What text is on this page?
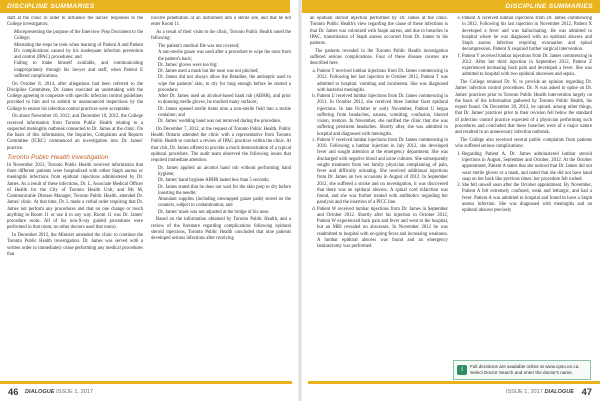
DISCIPLINE SUMMARIES	DISCIPLINE SUMMARIES

staff at the clinic in order to influence the nurses' responses to the College investigators;

• Misrepresenting the purpose of the Interview Prep Document to the College;
• Misstating the steps he took when learning of Patient A and Patient B's complications caused by his inadequate infection prevention and control (IPAC) procedures; and
• Failing to make himself available, and communicating inappropriately through his lawyer and staff, when Patient E suffered complications.

On October 8, 2014, after allegations had been referred to the Discipline Committee, Dr. James executed an undertaking with the College agreeing to cooperate with specific infection control guidelines provided to him and to submit to unannounced inspections by the College to ensure his infection control practices were acceptable.

On about November 10, 2012, and December 10, 2012, the College received information from Toronto Public Health relating to a suspected meningitis outbreak connected to Dr. James at the clinic. On the basis of this information, the Inquiries, Complaints and Reports Committee (ICRC) commenced an investigation into Dr. James' practice.

Toronto Public Health investigation

In November 2012, Toronto Public Health received information that three different patients were hospitalized with either Staph aureus or meningitis infections from epidural injections administered by Dr. James. As a result of these infections, Dr. L, Associate Medical Officer of Health for the City of Toronto Health Unit, and Ms M, Communicable Disease Manager, Toronto Public Health, attended Dr. James' clinic. At that time, Dr. L made a verbal order requiring that Dr. James not perform any procedures and that no one change or touch anything in Room 11 or use it in any way. Room 11 was Dr. James' procedure room. All of his non-X-ray guided procedures were performed in that room; no other doctors used that room).

In December 2012, the Minister amended the clinic to continue the Toronto Public Health investigation. Dr. James was served with a written order to immediately cease performing any medical procedures that

involve penetration of an instrument into a sterile site, and that he not enter Room 11.

As a result of their visits to the clinic, Toronto Public Health noted the following:

• The patient's medical file was not covered;
• A non-sterile gauze was used after a procedure to wipe the ooze from the patient's back;
• Dr. James' gloves were too big;
• Dr. James used a mask but the nose was not pinched;
• Dr. James did not always allow the Betadine, the antiseptic used to wipe the patients' skin, to dry for long enough before he started a procedure;
• After Dr. James used an alcohol-based hand rub (ABHR), and prior to donning sterile gloves, he touched many surfaces;
• Dr. James opened sterile items onto a non-sterile field into a sterile container; and
• Dr. James' wedding band was not removed during the procedure.

On December 7, 2012, at the request of Toronto Public Health, Public Health Ontario attended the clinic with a representative from Toronto Public Health to conduct a review of IPAC practices within the clinic. At that visit, Dr. James offered to provide a mock demonstration of a typical epidural procedure. The audit team observed the following issues that required immediate attention:

• Dr. James applied an alcohol hand rub without performing hand hygiene;
• Dr. James' hand hygiene ABHR lasted less than 5 seconds;
• Dr. James stated that he does not wait for the skin prep to dry before inserting the needle;
• Abundant supplies (including unwrapped gauze pads) stored on the counters, subject to contamination; and
• Dr. James' mask was not adjusted at the bridge of his nose.

Based on the information obtained by Toronto Public Health, and a review of the literature regarding complications following epidural steroid injections, Toronto Public Health concluded that nine patients developed serious infections after receiving

an epidural steroid injection performed by Dr. James at the clinic. Toronto Public Health's view regarding the cause of these infections is that Dr. James was colonized with Staph aureus, and due to breaches in IPAC, transmission of Staph aureus occurred from Dr. James to his patients.

The patients revealed in the Toronto Public Health investigation suffered serious complications. Four of these disease courses are described here.

a. Patient T received lumbar injections from Dr. James commencing in 2012. Following her last injection in October 2012, Patient T was admitted to hospital, vomiting and incoherent. She was diagnosed with bacterial meningitis.
b. Patient U received lumbar injections from Dr. James commencing in 2011. In October 2012, she received three lumbar facet epidural injections. In late October or early November, Patient U began suffering from headaches, nausea, vomiting, confusion, blurred vision, tremors. In November, she notified the clinic that she was suffering persistent headaches. Shortly after, she was admitted to hospital and diagnosed with meningitis.
c. Patient V received lumbar injections from Dr. James commencing in 2010. Following a lumbar injection in July 2012, she developed fever and sought attention at the emergency department. She was discharged with negative blood and urine cultures. She subsequently sought treatment from her family physician complaining of pain, fever and difficulty urinating. She received additional injections from Dr. James on two occasions in August of 2012. In September 2012, she suffered a stroke and on investigation, it was discovered that there was an epidural abscess. A spinal cord infarction was found, and she was further treated with antibiotics regarding her paralysis and the insertion of a PICC line.
d. Patient W received lumbar injections from Dr. James in September and October 2012. Shortly after his injection in October 2012, Patient W experienced back pain and fever and went to the hospital, but an MRI revealed no abscesses. In November 2012 he was readmitted to hospital with on-going fever and increasing weakness. A lumbar epidural abscess was found and an emergency laminectomy was performed.
e. Patient X received lumbar injections from Dr. James commencing in 2012. Following his last injection in November 2012, Patient X developed a fever and was hallucinating. He was admitted to hospital where he was diagnosed with an epidural abscess and Staph aureus infection requiring evacuation and spinal decompression. Patient X required further surgical intervention.
f. Patient Y received lumbar injections from Dr. James commencing in 2012. After her third injection in September 2012, Patient Z experienced increasing back pain and developed a fever. She was admitted to hospital with two epidural abscesses and sepsis.

The College retained Dr. N, to provide an opinion regarding Dr. James' infection control procedures. Dr. N was asked to opine on Dr. James' practices prior to Toronto Public Health intervention largely on the basis of the information gathered by Toronto Public Health, his expert found. On December 20, 2013, he opined, among other things, that Dr. James' practices prior to their revision fell below the standard of infection control practice expected of a physician performing such procedures and concluded that these breaches were of a major nature and resulted in an unnecessary infection outbreak.

The College also received several public complaints from patients who suffered serious complications:

1. Regarding Patient A, Dr. James administered lumbar steroid injections in August, September and October, 2012. At the October appointment, Patient A states that she noticed that Dr. James did not wear sterile gloves or a mask, and noted that she did not have hand soap on her back like previous times; her procedure felt rushed.
2. She felt unwell soon after the October appointment. By November, Patient A felt extremely confused, weak and lethargic, and had a fever. Patient A was admitted to hospital and found to have a Staph aureus infection. She was diagnosed with meningitis and an epidural abscess precisely
i	Full decisions are available online at www.cpso.on.ca. Select Doctor Search and enter the doctor's name.
46 DIALOGUE ISSUE 1, 2017	ISSUE 1, 2017 DIALOGUE 47
